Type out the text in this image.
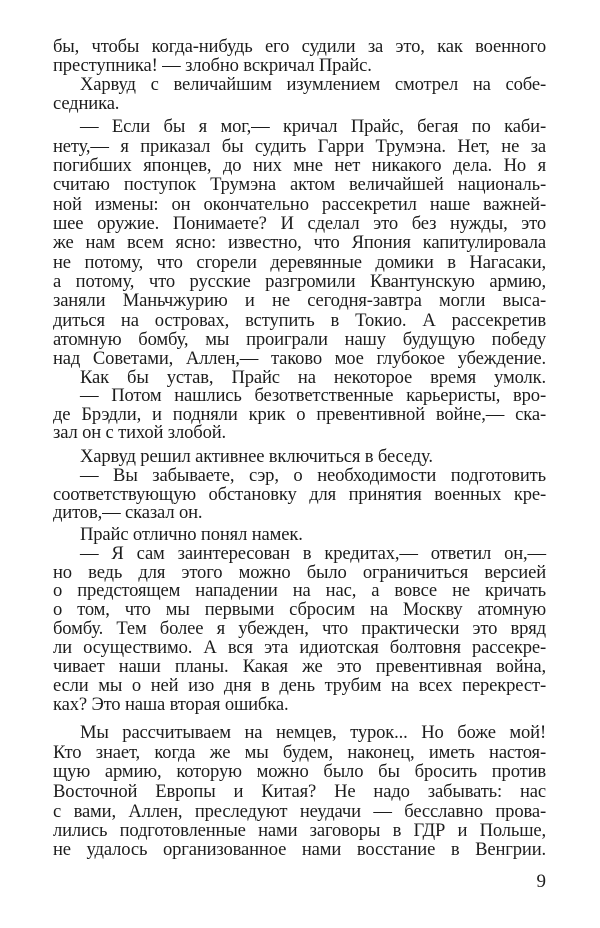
бы, чтобы когда-нибудь его судили за это, как военного
преступника! — злобно вскричал Прайс.
Харвуд с величайшим изумлением смотрел на собе-
седника.
— Если бы я мог,— кричал Прайс, бегая по каби-
нету,— я приказал бы судить Гарри Трумэна. Нет, не за
погибших японцев, до них мне нет никакого дела. Но я
считаю поступок Трумэна актом величайшей националь-
ной измены: он окончательно рассекретил наше важней-
шее оружие. Понимаете? И сделал это без нужды, это
же нам всем ясно: известно, что Япония капитулировала
не потому, что сгорели деревянные домики в Нагасаки,
а потому, что русские разгромили Квантунскую армию,
заняли Маньчжурию и не сегодня-завтра могли выса-
диться на островах, вступить в Токио. А рассекретив
атомную бомбу, мы проиграли нашу будущую победу
над Советами, Аллен,— таково мое глубокое убеждение.
Как бы устав, Прайс на некоторое время умолк.
— Потом нашлись безответственные карьеристы, вро-
де Брэдли, и подняли крик о превентивной войне,— ска-
зал он с тихой злобой.
Харвуд решил активнее включиться в беседу.
— Вы забываете, сэр, о необходимости подготовить
соответствующую обстановку для принятия военных кре-
дитов,— сказал он.
Прайс отлично понял намек.
— Я сам заинтересован в кредитах,— ответил он,—
но ведь для этого можно было ограничиться версией
о предстоящем нападении на нас, а вовсе не кричать
о том, что мы первыми сбросим на Москву атомную
бомбу. Тем более я убежден, что практически это вряд
ли осуществимо. А вся эта идиотская болтовня рассекре-
чивает наши планы. Какая же это превентивная война,
если мы о ней изо дня в день трубим на всех перекрест-
ках? Это наша вторая ошибка.
Мы рассчитываем на немцев, турок... Но боже мой!
Кто знает, когда же мы будем, наконец, иметь настоя-
щую армию, которую можно было бы бросить против
Восточной Европы и Китая? Не надо забывать: нас
с вами, Аллен, преследуют неудачи — бесславно прова-
лились подготовленные нами заговоры в ГДР и Польше,
не удалось организованное нами восстание в Венгрии.
9
